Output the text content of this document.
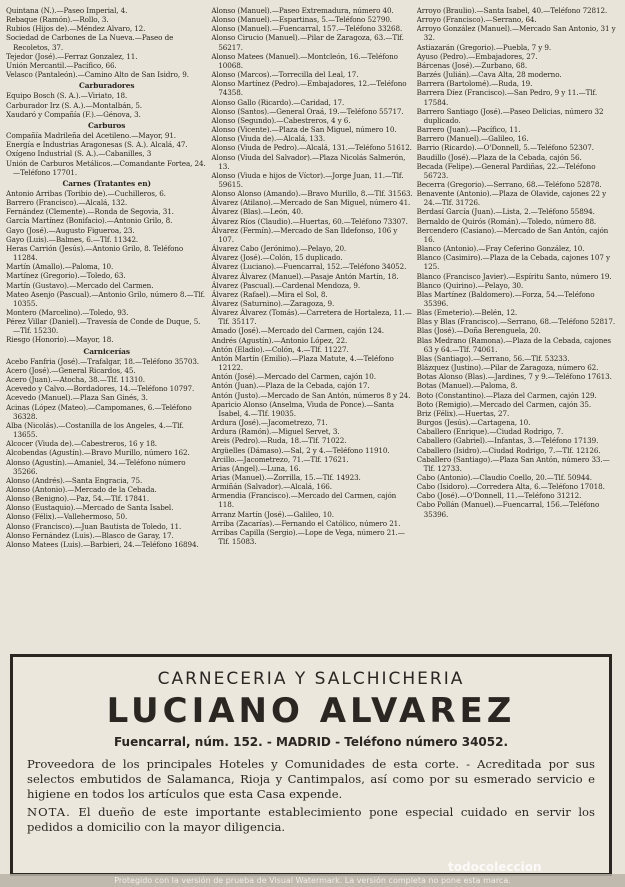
Quintana (N.).—Paseo Imperial, 4.
Rebaque (Ramón).—Rollo, 3.
Rubios (Hijos de).—Méndez Alvaro, 12.
Sociedad de Carbones de La Nueva.—Paseo de Recoletos, 37.
Tejedor (José).—Ferraz Gonzalez, 11.
Unión Mercantil.—Pacífico, 66.
Velasco (Pantaleón).—Camino Alto de San Isidro, 9.
Carburadores
Equipo Bosch (S. A.).—Viriato, 18.
Carburador Irz (S. A.).—Montalbán, 5.
Xaudaró y Compañía (F.).—Génova, 3.
Carburos
Compañía Madrileña del Acetileno.—Mayor, 91.
Energía e Industrias Aragonesas (S. A.). Alcalá, 47.
Oxígeno Industrial (S. A.).—Cabanilles, 3
Unión de Carburos Metálicos.—Comandante Fortea, 24.—Teléfono 17701.
Carnes (Tratantes en)
Antonio Arribas (Toribio de).—Cuchilleros, 6.
Barrero (Francisco).—Alcalá, 132.
Fernández (Clemente).—Ronda de Segovia, 31.
García Martínez (Bonifacio).—Antonio Grilo, 8.
Gayo (José).—Augusto Figueroa, 23.
Gayo (Luis).—Balmes, 6.—Tlf. 11342.
Heras Carrión (Jesús).—Antonio Grilo, 8. Teléfono 11284.
Martín (Amallo).—Paloma, 10.
Martínez (Gregorio).—Toledo, 63.
Martín (Gustavo).—Mercado del Carmen.
Mateo Asenjo (Pascual).—Antonio Grilo, número 8.—Tlf. 10355.
Montero (Marcelino).—Toledo, 93.
Pérez Villar (Daniel).—Travesía de Conde de Duque, 5.—Tlf. 15230.
Riesgo (Honorio).—Mayor, 18.
Carnicerías
Acebo Fanfria (José).—Trafalgar, 18.—Teléfono 35703.
Acero (José).—General Ricardos, 45.
Acero (Juan).—Atocha, 38.—Tlf. 11310.
Acevedo y Calvo.—Bordadores, 14.—Teléfono 10797.
Acevedo (Manuel).—Plaza San Ginés, 3.
Acinas (López (Mateo).—Campomanes, 6.—Teléfono 36328.
Alba (Nicolás).—Costanilla de los Angeles, 4.—Tlf. 13655.
Alcocer (Viuda de).—Cabestreros, 16 y 18.
Alcobendas (Agustín).—Bravo Murillo, número 162.
Alonso (Agustín).—Amaniel, 34.—Teléfono número 35266.
Alonso (Andrés).—Santa Engracia, 75.
Alonso (Antonio).—Mercado de la Cebada.
Alonso (Benigno).—Paz, 54.—Tlf. 17841.
Alonso (Eustaquio).—Mercado de Santa Isabel.
Alonso (Félix).—Vallehermoso, 50.
Alonso (Francisco).—Juan Bautista de Toledo, 11.
Alonso Fernández (Luis).—Blasco de Garay, 17.
Alonso Matees (Luis).—Barbieri, 24.—Teléfono 16894.
Alonso (Manuel).—Paseo Extremadura, número 40.
Alonso (Manuel).—Espartinas, 5.—Teléfono 52790.
Alonso (Manuel).—Fuencarral, 157.—Teléfono 33268.
Alonso Cirucio (Manuel).—Pilar de Zaragoza, 63.—Tlf. 56217.
Alonso Matees (Manuel).—Montcleón, 16.—Teléfono 10068.
Alonso (Marcos).—Torrecilla del Leal, 17.
Alonso Martínez (Pedro).—Embajadores, 12.—Teléfono 74358.
Alonso Gallo (Ricardo).—Caridad, 17.
Alonso (Santos).—General Oraá, 19.—Teléfono 55717.
Alonso (Segundo).—Cabestreros, 4 y 6.
Alonso (Vicente).—Plaza de San Miguel, número 10.
Alonso (Viuda de).—Alcalá, 133.
Alonso (Viuda de Pedro).—Alcalá, 131.—Teléfono 51612.
Alonso (Viuda del Salvador).—Plaza Nicolás Salmerón, 13.
Alonso (Viuda e hijos de Víctor).—Jorge Juan, 11.—Tlf. 59615.
Alonso Alonso (Amando).—Bravo Murillo, 8.—Tlf. 31563.
Álvarez (Atilano).—Mercado de San Miguel, número 41.
Álvarez (Blas).—León, 40.
Álvarez Ríos (Claudio).—Huertas, 60.—Teléfono 73307.
Álvarez (Fermín).—Mercado de San Ildefonso, 106 y 107.
Álvarez Cabo (Jerónimo).—Pelayo, 20.
Álvarez (José).—Colón, 15 duplicado.
Álvarez (Luciano).—Fuencarral, 152.—Teléfono 34052.
Álvarez Álvarez (Manuel).—Pasaje Antón Martín, 18.
Álvarez (Pascual).—Cardenal Mendoza, 9.
Álvarez (Rafael).—Mira el Sol, 8.
Álvarez (Saturnino).—Zaragoza, 9.
Álvarez Álvarez (Tomás).—Carretera de Hortaleza, 11.—Tlf. 35117.
Amado (José).—Mercado del Carmen, cajón 124.
Andrés (Agustín).—Antonio López, 22.
Antón (Eladio).—Colón, 4.—Tlf. 11227.
Antón Martín (Emilio).—Plaza Matute, 4.—Teléfono 12122.
Antón (José).—Mercado del Carmen, cajón 10.
Antón (Juan).—Plaza de la Cebada, cajón 17.
Antón (Justo).—Mercado de San Antón, números 8 y 24.
Aparicio Alonso (Anselma, Viuda de Ponce).—Santa Isabel, 4.—Tlf. 19035.
Ardura (José).—Jacometrezo, 71.
Ardura (Ramón).—Miguel Servet, 3.
Areis (Pedro).—Ruda, 18.—Tlf. 71022.
Argüelles (Dámaso).—Sal, 2 y 4.—Teléfono 11910.
Arcillo.—Jacometrezo, 71.—Tlf. 17621.
Arias (Angel).—Luna, 16.
Arias (Manuel).—Zorrilla, 15.—Tlf. 14923.
Armiñán (Salvador).—Alcalá, 166.
Armendia (Francisco).—Mercado del Carmen, cajón 118.
Arranz Martín (José).—Galileo, 10.
Arriba (Zacarías).—Fernando el Católico, número 21.
Arribas Capilla (Sergio).—Lope de Vega, número 21.—Tlf. 15083.
Arroyo (Braulio).—Santa Isabel, 40.—Teléfono 72812.
Arroyo (Francisco).—Serrano, 64.
Arroyo González (Manuel).—Mercado San Antonio, 31 y 32.
Astiazarán (Gregorio).—Puebla, 7 y 9.
Ayuso (Pedro).—Embajadores, 27.
Bárcenas (José).—Zurbano, 68.
Barzés (Julián).—Cava Alta, 28 moderno.
Barrera (Bartolomé).—Ruda, 19.
Barrera Díez (Francisco).—San Pedro, 9 y 11.—Tlf. 17584.
Barrero Santiago (José).—Paseo Delicias, número 32 duplicado.
Barrero (Juan).—Pacífico, 11.
Barrero (Manuel).—Galileo, 16.
Barrio (Ricardo).—O'Donnell, 5.—Teléfono 52307.
Baudillo (José).—Plaza de la Cebada, cajón 56.
Becada (Felipe).—General Pardiñas, 22.—Teléfono 56723.
Becerra (Gregorio).—Serrano, 68.—Teléfono 52878.
Benavente (Antonio).—Plaza de Olavide, cajones 22 y 24.—Tlf. 31726.
Berdasí García (Juan).—Lista, 2.—Teléfono 55894.
Bernaldo de Quirós (Román).—Toledo, número 88.
Bercendero (Casiano).—Mercado de San Antón, cajón 16.
Blanco (Antonio).—Fray Ceferino González, 10.
Blanco (Casimiro).—Plaza de la Cebada, cajones 107 y 125.
Blanco (Francisco Javier).—Espíritu Santo, número 19.
Blanco (Quirino).—Pelayo, 30.
Blas Martínez (Baldomero).—Forza, 54.—Teléfono 35396.
Blas (Emeterio).—Belén, 12.
Blas y Blas (Francisco).—Serrano, 68.—Teléfono 52817.
Blas (José).—Doña Berenguela, 20.
Blas Medrano (Ramona).—Plaza de la Cebada, cajones 63 y 64.—Tlf. 74061.
Blas (Santiago).—Serrano, 56.—Tlf. 53233.
Blázquez (Justino).—Pilar de Zaragoza, número 62.
Botas Alonso (Blas).—Jardines, 7 y 9.—Teléfono 17613.
Botas (Manuel).—Paloma, 8.
Boto (Constantino).—Plaza del Carmen, cajón 129.
Boto (Remigio).—Mercado del Carmen, cajón 35.
Briz (Félix).—Huertas, 27.
Burgos (Jesús).—Cartagena, 10.
Caballero (Enrique).—Ciudad Rodrigo, 7.
Caballero (Gabriel).—Infantas, 3.—Teléfono 17139.
Caballero (Isidro).—Ciudad Rodrigo, 7.—Tlf. 12126.
Caballero (Santiago).—Plaza San Antón, número 33.—Tlf. 12733.
Cabo (Antonio).—Claudio Coello, 20.—Tlf. 50944.
Cabo (Isidoro).—Corredera Alta, 6.—Teléfono 17018.
Cabo (José).—O'Donnell, 11.—Teléfono 31212.
Cabo Pollán (Manuel).—Fuencarral, 156.—Teléfono 35396.
CARNECERIA Y SALCHICHERIA
LUCIANO ALVAREZ
Fuencarral, núm. 152. - MADRID - Teléfono número 34052.
Proveedora de los principales Hoteles y Comunidades de esta corte. - Acreditada por sus selectos embutidos de Salamanca, Rioja y Cantimpalos, así como por su esmerado servicio e higiene en todos los artículos que esta Casa expende.
NOTA. El dueño de este importante establecimiento pone especial cuidado en servir los pedidos a domicilio con la mayor diligencia.
todocoleccion
Protegido con la versión de prueba de Visual Watermark. La versión completa no pone esta marca.
